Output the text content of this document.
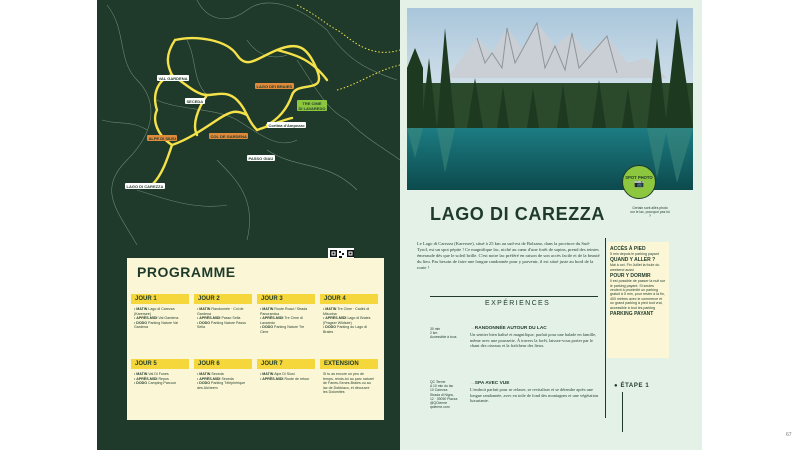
VAL GARDENA
SECEDA
LAGO DEI BRAIES
TRE CIME
DI LAVAREDO
ALPE DI SIUSI	COL DE GARDENA
PASSO GIAU
LAGO DI CAREZZA
Cortina d'Ampezzo
PROGRAMME
JOUR 1
• MATIN Lago di Carezza (Karersee)
• APRÈS-MIDI Val Gardena
• DODO Parking Nature Val Gardena
JOUR 2
• MATIN Randonnée · Col de Gardena
• APRÈS-MIDI Passo Sella
• DODO Parking Nature Passo Sella
JOUR 3
• MATIN Route Road / Strada Panoramica
• APRÈS-MIDI Tre Cime di Lavaredo
• DODO Parking Nature Tre Cime
JOUR 4
• MATIN Tre Cime · Cadini di Misurina
• APRÈS-MIDI Lago di Braies (Pragser Wildsee)
• DODO Parking du Lago di Braies
JOUR 5
• MATIN Val Di Funes
• APRÈS-MIDI Repos
• DODO Camping Parcour
JOUR 6
• MATIN Seceda
• APRÈS-MIDI Seceda
• DODO Parking Téléphérique des Alcheem
JOUR 7
• MATIN Alpe Di Siusi
• APRÈS-MIDI Route de retour
EXTENSION
Si tu as encore un peu de temps, rends-toi au parc naturel de Fanes-Senes-Braies ou au lac de Dobbiaco, et découvre les Dolomites
SPOT PHOTO
📷
Certain sont allés photo sur le lac, pourquoi pas toi ?
LAGO DI CAREZZA
Le Lago di Carezza (Karersee), situé à 25 km au sud-est de Bolzano, dans la province du Sud-Tyrol, est un spot pépite ! Ce magnifique lac, niché au cœur d'une forêt de sapins, prend des teintes émeraude dès que le soleil brille. C'est notre lac préféré en raison de son accès facile et de la beauté du lieu. Pas besoin de faire une longue randonnée pour y parvenir, il est situé juste au bord de la route !
ACCÈS À PIED
5 min depuis le parking payant
QUAND Y ALLER ?
Mai à oct. Fin Juillet la foule du weekend aussi
POUR Y DORMIR
Il est possible de passer la nuit sur le parking payant. Si seules veulent à proximité un parking gratuit à 5 min, pour rester à la fin, 400 mètres avec le commerce et un grand parking à pied tout vrai, accessible à tout les parking
PARKING PAYANT
EXPÉRIENCES
30 min
2 km
Accessible à tous
→RANDONNÉE AUTOUR DU LAC
Un sentier bien balisé et magnifique, parfait pour une balade en famille, même avec une poussette. À travers la forêt, laissez-vous porter par le chant des oiseaux et la fraîcheur des lieux.
QC Terme
A 10 min du lac
10 Carezza
Strada di Nigra,
12 · 39050 Piazza
@QCterme
qcterme.com
→SPA AVEC VUE
L'endroit parfait pour se relaxer, se revitaliser et se détendre après une longue randonnée, avec en toile de fond des montagnes et une végétation luxuriante.
● ÉTAPE 1
67
